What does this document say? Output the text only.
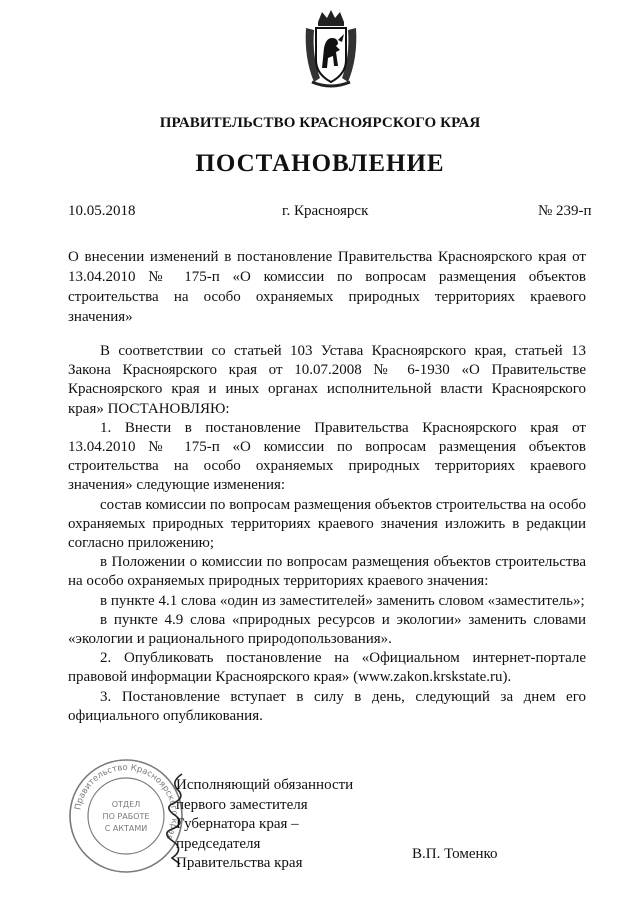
ПРАВИТЕЛЬСТВО КРАСНОЯРСКОГО КРАЯ
ПОСТАНОВЛЕНИЕ
10.05.2018	г. Красноярск	№ 239-п
О внесении изменений в постановление Правительства Красноярского края от 13.04.2010 № 175-п «О комиссии по вопросам размещения объектов строительства на особо охраняемых природных территориях краевого значения»

В соответствии со статьей 103 Устава Красноярского края, статьей 13 Закона Красноярского края от 10.07.2008 № 6-1930 «О Правительстве Красноярского края и иных органах исполнительной власти Красноярского края» ПОСТАНОВЛЯЮ:

1. Внести в постановление Правительства Красноярского края от 13.04.2010 № 175-п «О комиссии по вопросам размещения объектов строительства на особо охраняемых природных территориях краевого значения» следующие изменения:

состав комиссии по вопросам размещения объектов строительства на особо охраняемых природных территориях краевого значения изложить в редакции согласно приложению;

в Положении о комиссии по вопросам размещения объектов строительства на особо охраняемых природных территориях краевого значения:

в пункте 4.1 слова «один из заместителей» заменить словом «заместитель»;

в пункте 4.9 слова «природных ресурсов и экологии» заменить словами «экологии и рационального природопользования».

2. Опубликовать постановление на «Официальном интернет-портале правовой информации Красноярского края» (www.zakon.krskstate.ru).

3. Постановление вступает в силу в день, следующий за днем его официального опубликования.

Правительство Красноярского края
ОТДЕЛ
ПО РАБОТЕ
С АКТАМИ
Исполняющий обязанности
первого заместителя
Губернатора края –
председателя
Правительства края
В.П. Томенко
